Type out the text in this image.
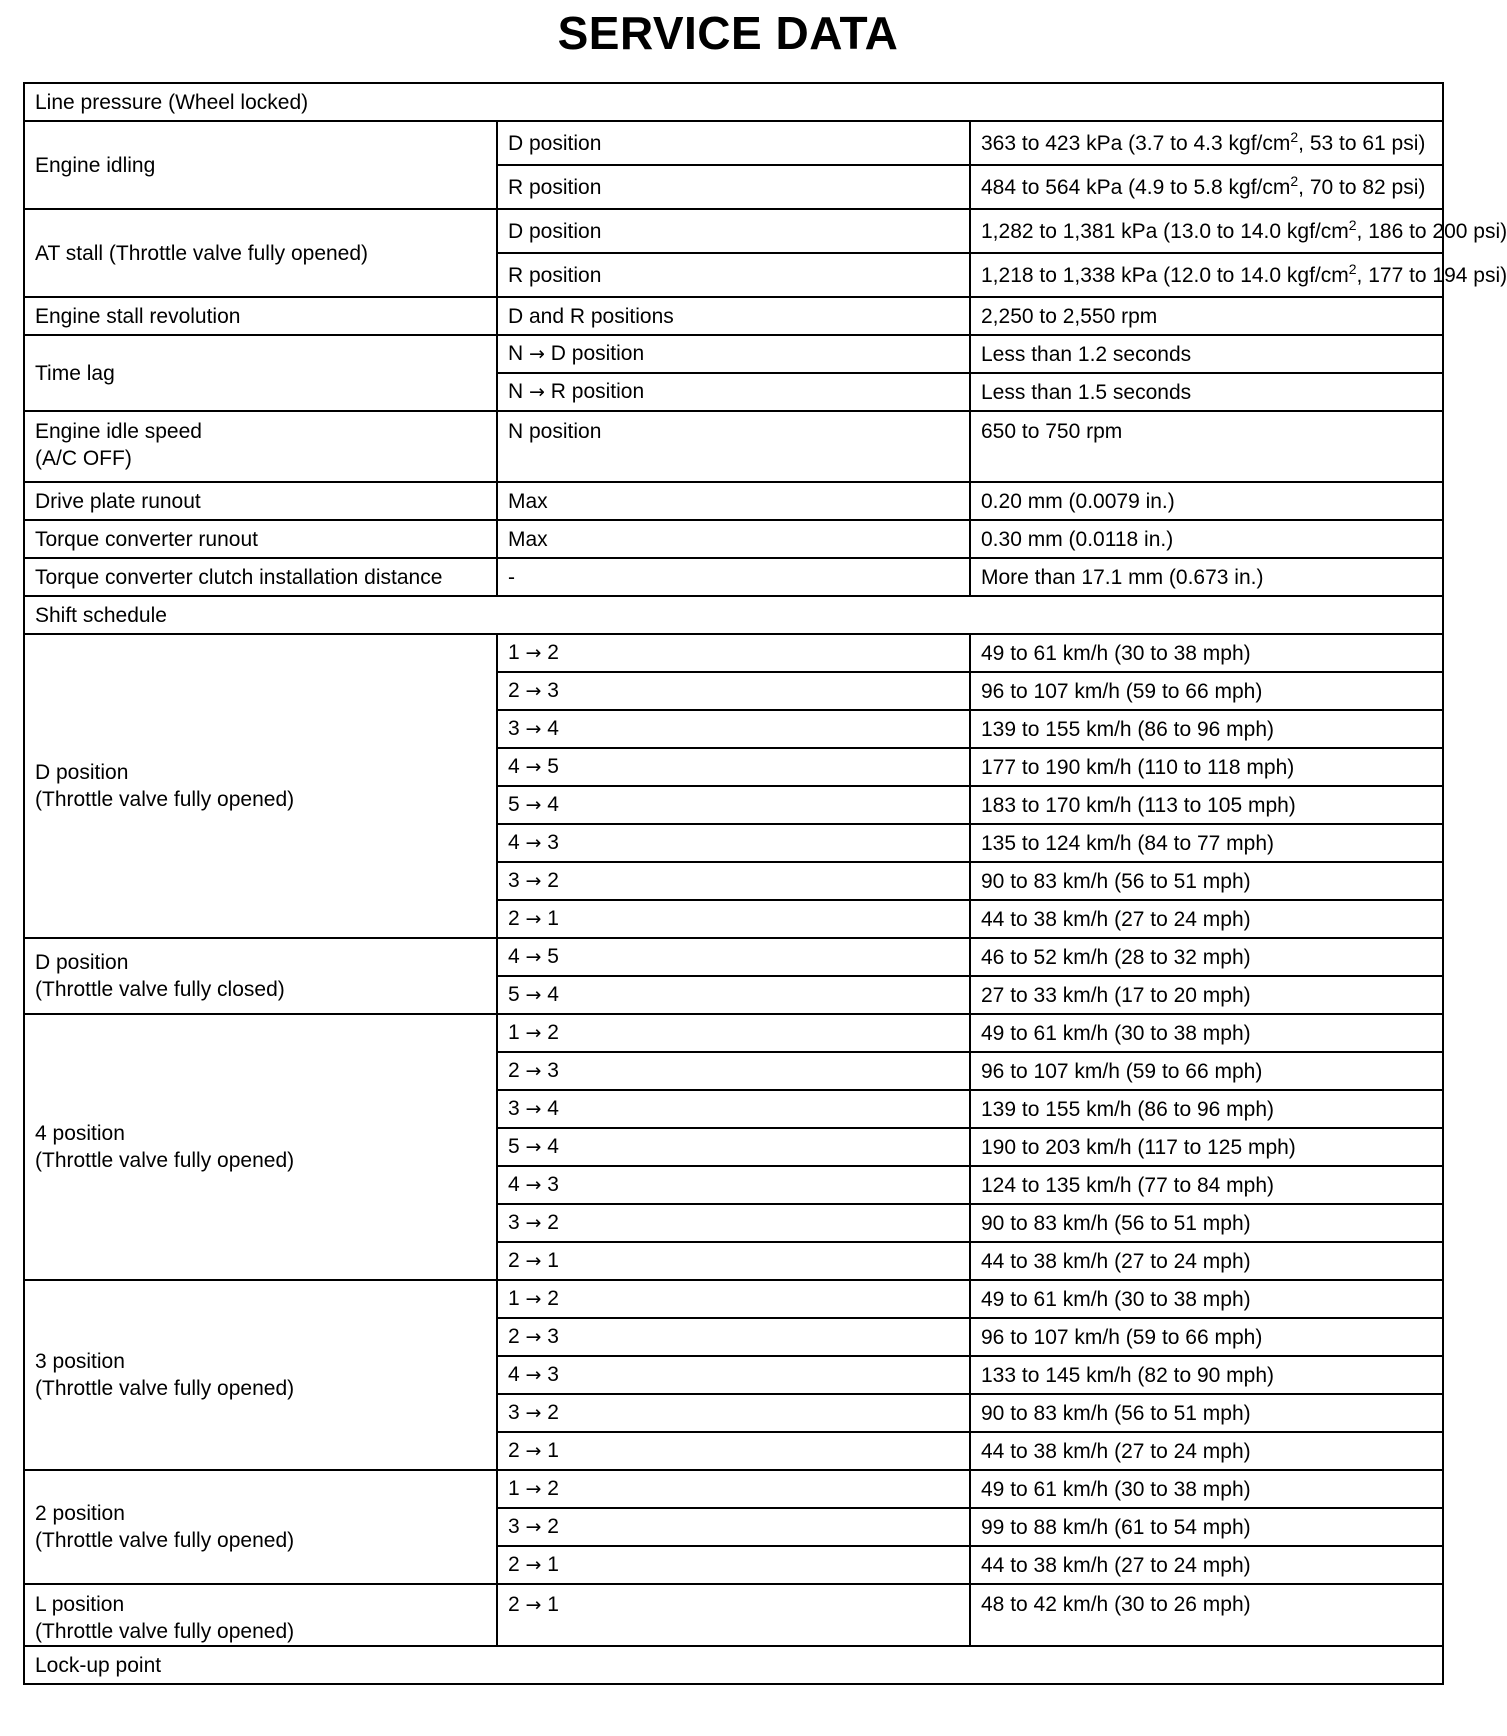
SERVICE DATA
Line pressure (Wheel locked)		
Engine idling	D position	363 to 423 kPa (3.7 to 4.3 kgf/$cm^2$, 53 to 61 psi)
	R position	484 to 564 kPa (4.9 to 5.8 kgf/$cm^2$, 70 to 82 psi)
AT stall (Throttle valve fully opened)	D position	1,282 to 1,381 kPa (13.0 to 14.0 kgf/$cm^2$, 186 to 200 psi)
	R position	1,218 to 1,338 kPa (12.0 to 14.0 kgf/$cm^2$, 177 to 194 psi)
Engine stall revolution	D and R positions	2,250 to 2,550 rpm
Time lag	N → D position	Less than 1.2 seconds
	N → R position	Less than 1.5 seconds
Engine idle speed
(A/C OFF)	N position	650 to 750 rpm
Drive plate runout	Max	0.20 mm (0.0079 in.)
Torque converter runout	Max	0.30 mm (0.0118 in.)
Torque converter clutch installation distance	-	More than 17.1 mm (0.673 in.)
Shift schedule		
D position
(Throttle valve fully opened)	1 → 2	49 to 61 km/h (30 to 38 mph)
	2 → 3	96 to 107 km/h (59 to 66 mph)
	3 → 4	139 to 155 km/h (86 to 96 mph)
	4 → 5	177 to 190 km/h (110 to 118 mph)
	5 → 4	183 to 170 km/h (113 to 105 mph)
	4 → 3	135 to 124 km/h (84 to 77 mph)
	3 → 2	90 to 83 km/h (56 to 51 mph)
	2 → 1	44 to 38 km/h (27 to 24 mph)
D position
(Throttle valve fully closed)	4 → 5	46 to 52 km/h (28 to 32 mph)
	5 → 4	27 to 33 km/h (17 to 20 mph)
4 position
(Throttle valve fully opened)	1 → 2	49 to 61 km/h (30 to 38 mph)
	2 → 3	96 to 107 km/h (59 to 66 mph)
	3 → 4	139 to 155 km/h (86 to 96 mph)
	5 → 4	190 to 203 km/h (117 to 125 mph)
	4 → 3	124 to 135 km/h (77 to 84 mph)
	3 → 2	90 to 83 km/h (56 to 51 mph)
	2 → 1	44 to 38 km/h (27 to 24 mph)
3 position
(Throttle valve fully opened)	1 → 2	49 to 61 km/h (30 to 38 mph)
	2 → 3	96 to 107 km/h (59 to 66 mph)
	4 → 3	133 to 145 km/h (82 to 90 mph)
	3 → 2	90 to 83 km/h (56 to 51 mph)
	2 → 1	44 to 38 km/h (27 to 24 mph)
2 position
(Throttle valve fully opened)	1 → 2	49 to 61 km/h (30 to 38 mph)
	3 → 2	99 to 88 km/h (61 to 54 mph)
	2 → 1	44 to 38 km/h (27 to 24 mph)
L position
(Throttle valve fully opened)	2 → 1	48 to 42 km/h (30 to 26 mph)
Lock-up point		
